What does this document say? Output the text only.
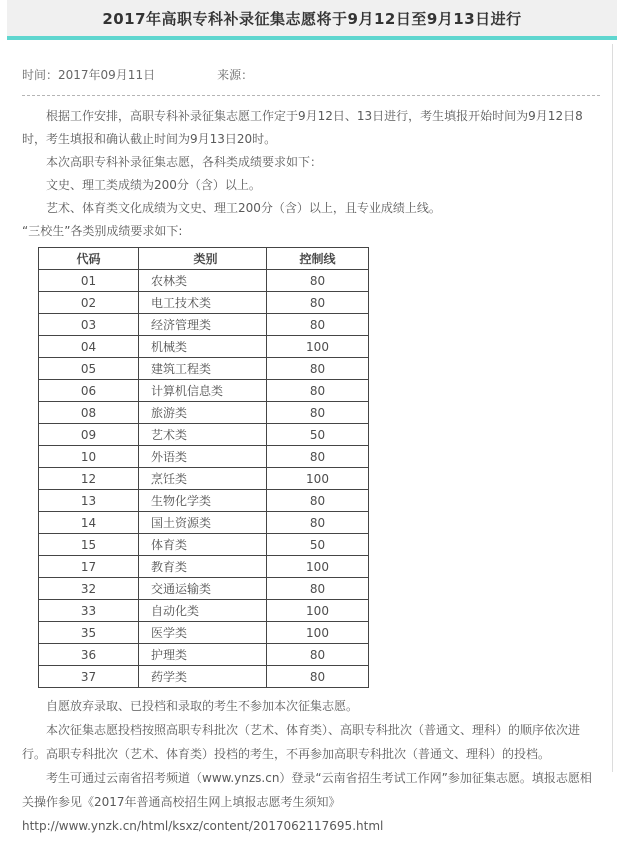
2017年高职专科补录征集志愿将于9月12日至9月13日进行
时间：2017年09月11日	来源：

根据工作安排，高职专科补录征集志愿工作定于9月12日、13日进行，考生填报开始时间为9月12日8时，考生填报和确认截止时间为9月13日20时。

本次高职专科补录征集志愿，各科类成绩要求如下：

文史、理工类成绩为200分（含）以上。

艺术、体育类文化成绩为文史、理工200分（含）以上，且专业成绩上线。

“三校生”各类别成绩要求如下:

代码	类别	控制线
01	农林类	80
02	电工技术类	80
03	经济管理类	80
04	机械类	100
05	建筑工程类	80
06	计算机信息类	80
08	旅游类	80
09	艺术类	50
10	外语类	80
12	烹饪类	100
13	生物化学类	80
14	国土资源类	80
15	体育类	50
17	教育类	100
32	交通运输类	80
33	自动化类	100
35	医学类	100
36	护理类	80
37	药学类	80

自愿放弃录取、已投档和录取的考生不参加本次征集志愿。

本次征集志愿投档按照高职专科批次（艺术、体育类）、高职专科批次（普通文、理科）的顺序依次进行。高职专科批次（艺术、体育类）投档的考生，不再参加高职专科批次（普通文、理科）的投档。

考生可通过云南省招考频道（www.ynzs.cn）登录“云南省招生考试工作网”参加征集志愿。填报志愿相关操作参见《2017年普通高校招生网上填报志愿考生须知》

http://www.ynzk.cn/html/ksxz/content/2017062117695.html
